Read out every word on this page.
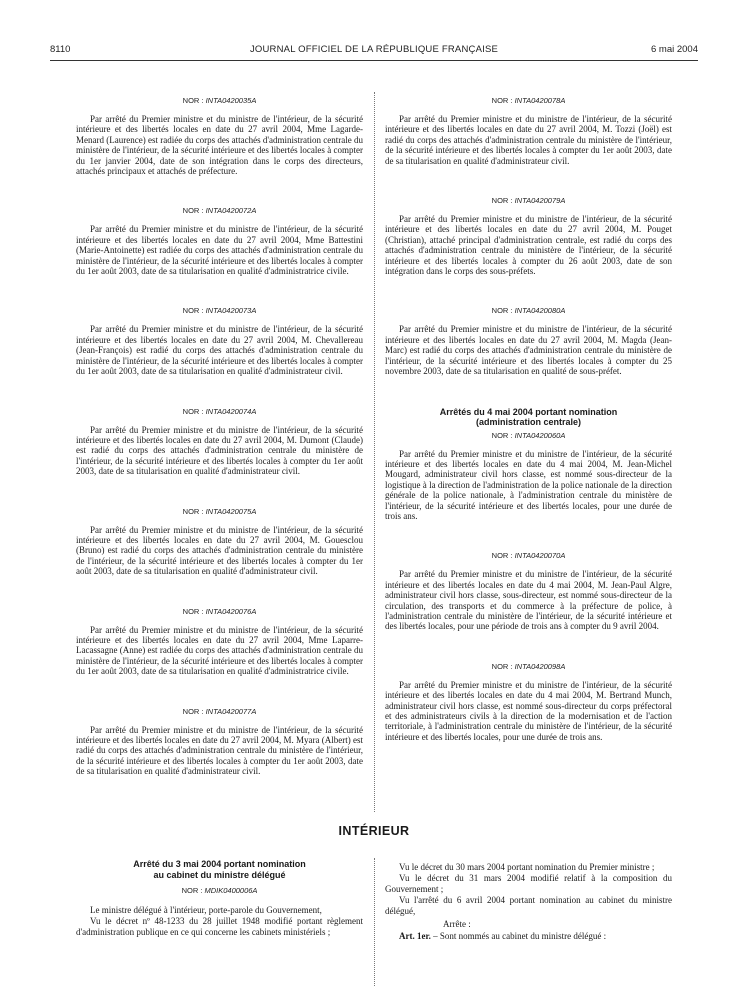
8110	JOURNAL OFFICIEL DE LA RÉPUBLIQUE FRANÇAISE	6 mai 2004
NOR : INTA0420035A

Par arrêté du Premier ministre et du ministre de l'intérieur, de la sécurité intérieure et des libertés locales en date du 27 avril 2004, Mme Lagarde-Menard (Laurence) est radiée du corps des attachés d'administration centrale du ministère de l'intérieur, de la sécurité intérieure et des libertés locales à compter du 1er janvier 2004, date de son intégration dans le corps des directeurs, attachés principaux et attachés de préfecture.

NOR : INTA0420072A

Par arrêté du Premier ministre et du ministre de l'intérieur, de la sécurité intérieure et des libertés locales en date du 27 avril 2004, Mme Battestini (Marie-Antoinette) est radiée du corps des attachés d'administration centrale du ministère de l'intérieur, de la sécurité intérieure et des libertés locales à compter du 1er août 2003, date de sa titularisation en qualité d'administratrice civile.

NOR : INTA0420073A

Par arrêté du Premier ministre et du ministre de l'intérieur, de la sécurité intérieure et des libertés locales en date du 27 avril 2004, M. Chevallereau (Jean-François) est radié du corps des attachés d'administration centrale du ministère de l'intérieur, de la sécurité intérieure et des libertés locales à compter du 1er août 2003, date de sa titularisation en qualité d'administrateur civil.

NOR : INTA0420074A

Par arrêté du Premier ministre et du ministre de l'intérieur, de la sécurité intérieure et des libertés locales en date du 27 avril 2004, M. Dumont (Claude) est radié du corps des attachés d'administration centrale du ministère de l'intérieur, de la sécurité intérieure et des libertés locales à compter du 1er août 2003, date de sa titularisation en qualité d'administrateur civil.

NOR : INTA0420075A

Par arrêté du Premier ministre et du ministre de l'intérieur, de la sécurité intérieure et des libertés locales en date du 27 avril 2004, M. Gouesclou (Bruno) est radié du corps des attachés d'administration centrale du ministère de l'intérieur, de la sécurité intérieure et des libertés locales à compter du 1er août 2003, date de sa titularisation en qualité d'administrateur civil.

NOR : INTA0420076A

Par arrêté du Premier ministre et du ministre de l'intérieur, de la sécurité intérieure et des libertés locales en date du 27 avril 2004, Mme Laparre-Lacassagne (Anne) est radiée du corps des attachés d'administration centrale du ministère de l'intérieur, de la sécurité intérieure et des libertés locales à compter du 1er août 2003, date de sa titularisation en qualité d'administratrice civile.

NOR : INTA0420077A

Par arrêté du Premier ministre et du ministre de l'intérieur, de la sécurité intérieure et des libertés locales en date du 27 avril 2004, M. Myara (Albert) est radié du corps des attachés d'administration centrale du ministère de l'intérieur, de la sécurité intérieure et des libertés locales à compter du 1er août 2003, date de sa titularisation en qualité d'administrateur civil.

NOR : INTA0420078A

Par arrêté du Premier ministre et du ministre de l'intérieur, de la sécurité intérieure et des libertés locales en date du 27 avril 2004, M. Tozzi (Joël) est radié du corps des attachés d'administration centrale du ministère de l'intérieur, de la sécurité intérieure et des libertés locales à compter du 1er août 2003, date de sa titularisation en qualité d'administrateur civil.

NOR : INTA0420079A

Par arrêté du Premier ministre et du ministre de l'intérieur, de la sécurité intérieure et des libertés locales en date du 27 avril 2004, M. Pouget (Christian), attaché principal d'administration centrale, est radié du corps des attachés d'administration centrale du ministère de l'intérieur, de la sécurité intérieure et des libertés locales à compter du 26 août 2003, date de son intégration dans le corps des sous-préfets.

NOR : INTA0420080A

Par arrêté du Premier ministre et du ministre de l'intérieur, de la sécurité intérieure et des libertés locales en date du 27 avril 2004, M. Magda (Jean-Marc) est radié du corps des attachés d'administration centrale du ministère de l'intérieur, de la sécurité intérieure et des libertés locales à compter du 25 novembre 2003, date de sa titularisation en qualité de sous-préfet.

Arrêtés du 4 mai 2004 portant nomination
(administration centrale)
NOR : INTA0420060A

Par arrêté du Premier ministre et du ministre de l'intérieur, de la sécurité intérieure et des libertés locales en date du 4 mai 2004, M. Jean-Michel Mougard, administrateur civil hors classe, est nommé sous-directeur de la logistique à la direction de l'administration de la police nationale de la direction générale de la police nationale, à l'administration centrale du ministère de l'intérieur, de la sécurité intérieure et des libertés locales, pour une durée de trois ans.

NOR : INTA0420070A

Par arrêté du Premier ministre et du ministre de l'intérieur, de la sécurité intérieure et des libertés locales en date du 4 mai 2004, M. Jean-Paul Algre, administrateur civil hors classe, sous-directeur, est nommé sous-directeur de la circulation, des transports et du commerce à la préfecture de police, à l'administration centrale du ministère de l'intérieur, de la sécurité intérieure et des libertés locales, pour une période de trois ans à compter du 9 avril 2004.

NOR : INTA0420098A

Par arrêté du Premier ministre et du ministre de l'intérieur, de la sécurité intérieure et des libertés locales en date du 4 mai 2004, M. Bertrand Munch, administrateur civil hors classe, est nommé sous-directeur du corps préfectoral et des administrateurs civils à la direction de la modernisation et de l'action territoriale, à l'administration centrale du ministère de l'intérieur, de la sécurité intérieure et des libertés locales, pour une durée de trois ans.

INTÉRIEUR
Arrêté du 3 mai 2004 portant nomination
au cabinet du ministre délégué
NOR : MDIK0400006A

Le ministre délégué à l'intérieur, porte-parole du Gouvernement,

Vu le décret nº 48-1233 du 28 juillet 1948 modifié portant règlement d'administration publique en ce qui concerne les cabinets ministériels ;

Vu le décret du 30 mars 2004 portant nomination du Premier ministre ;

Vu le décret du 31 mars 2004 modifié relatif à la composition du Gouvernement ;

Vu l'arrêté du 6 avril 2004 portant nomination au cabinet du ministre délégué,

Arrête :

Art. 1er. – Sont nommés au cabinet du ministre délégué :
